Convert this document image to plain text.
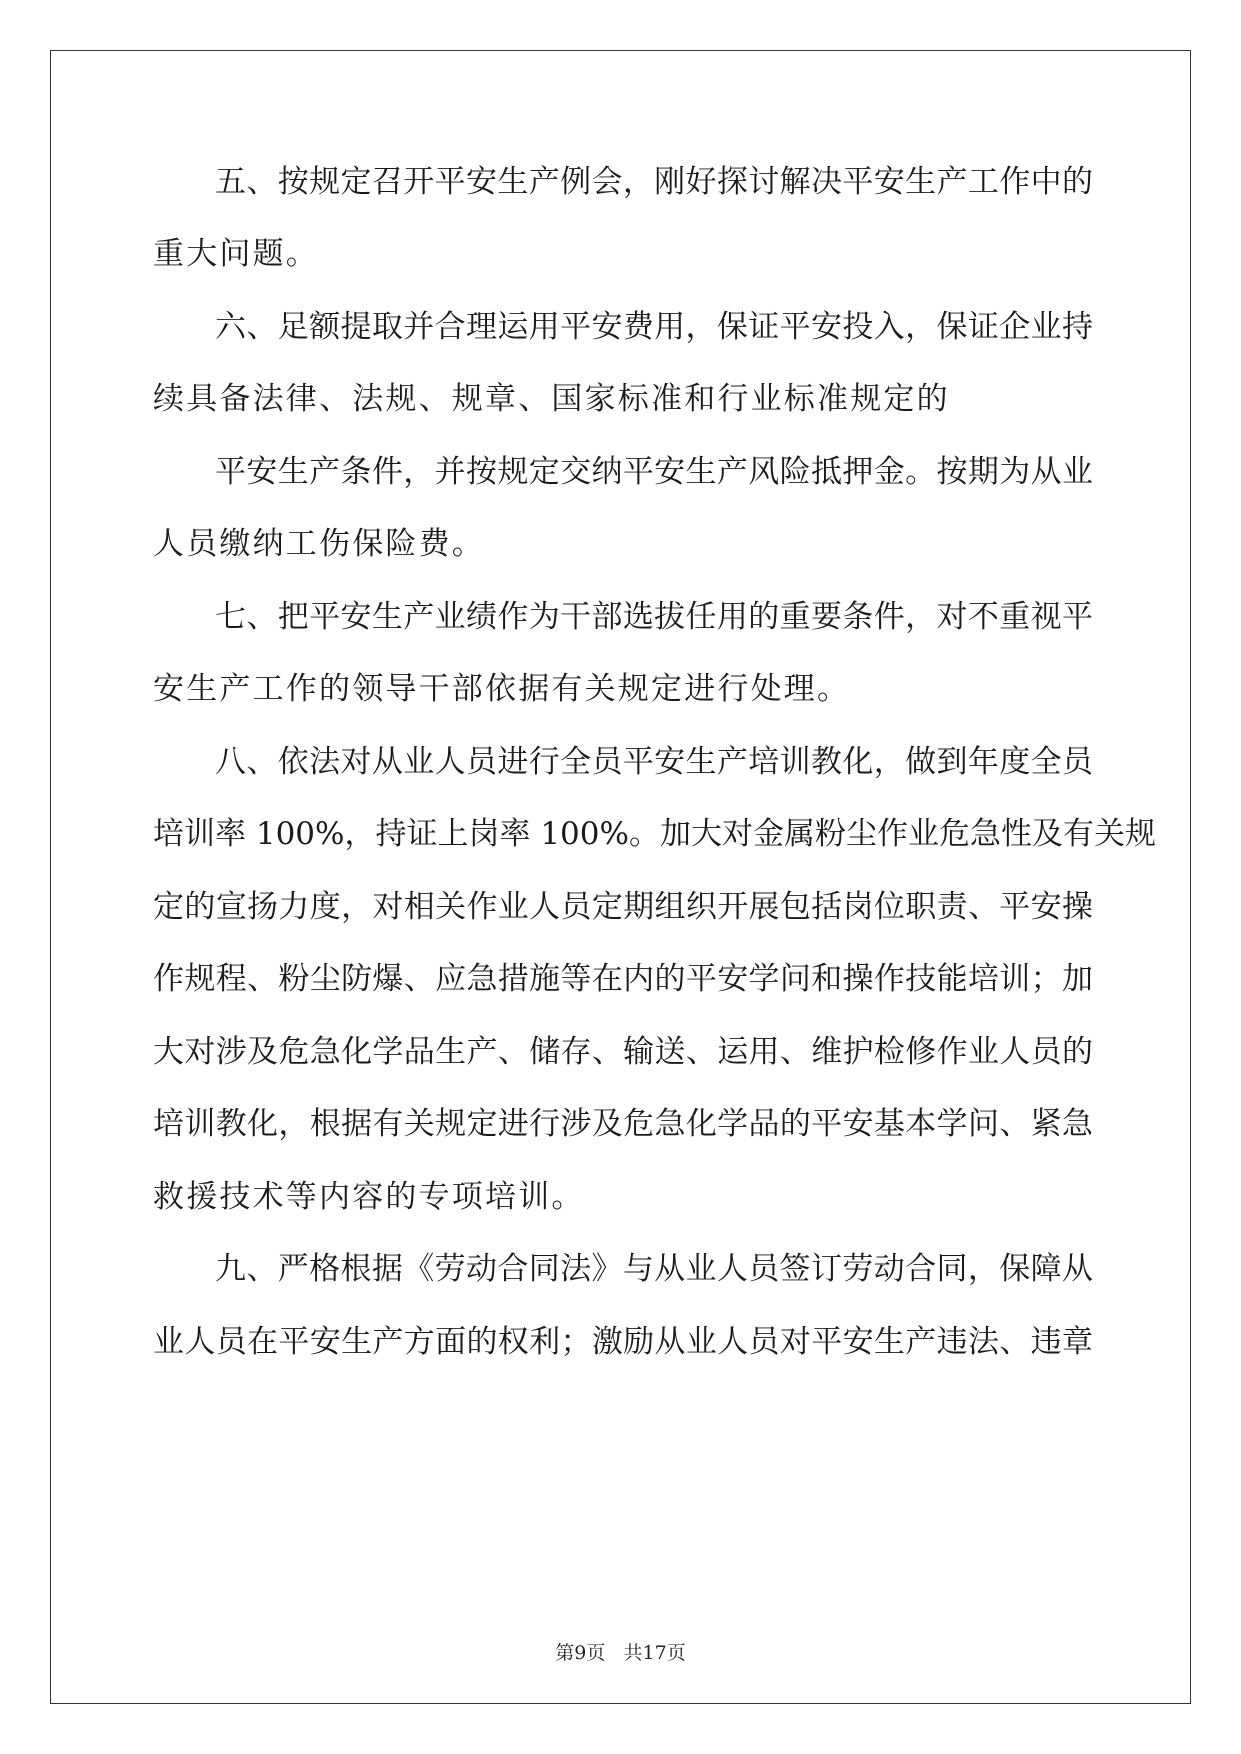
五、按规定召开平安生产例会，刚好探讨解决平安生产工作中的
重大问题。
六、足额提取并合理运用平安费用，保证平安投入，保证企业持
续具备法律、法规、规章、国家标准和行业标准规定的
平安生产条件，并按规定交纳平安生产风险抵押金。按期为从业
人员缴纳工伤保险费。
七、把平安生产业绩作为干部选拔任用的重要条件，对不重视平
安生产工作的领导干部依据有关规定进行处理。
八、依法对从业人员进行全员平安生产培训教化，做到年度全员
培训率 100%，持证上岗率 100%。加大对金属粉尘作业危急性及有关规
定的宣扬力度，对相关作业人员定期组织开展包括岗位职责、平安操
作规程、粉尘防爆、应急措施等在内的平安学问和操作技能培训；加
大对涉及危急化学品生产、储存、输送、运用、维护检修作业人员的
培训教化，根据有关规定进行涉及危急化学品的平安基本学问、紧急
救援技术等内容的专项培训。
九、严格根据《劳动合同法》与从业人员签订劳动合同，保障从
业人员在平安生产方面的权利；激励从业人员对平安生产违法、违章
第9页 共17页
